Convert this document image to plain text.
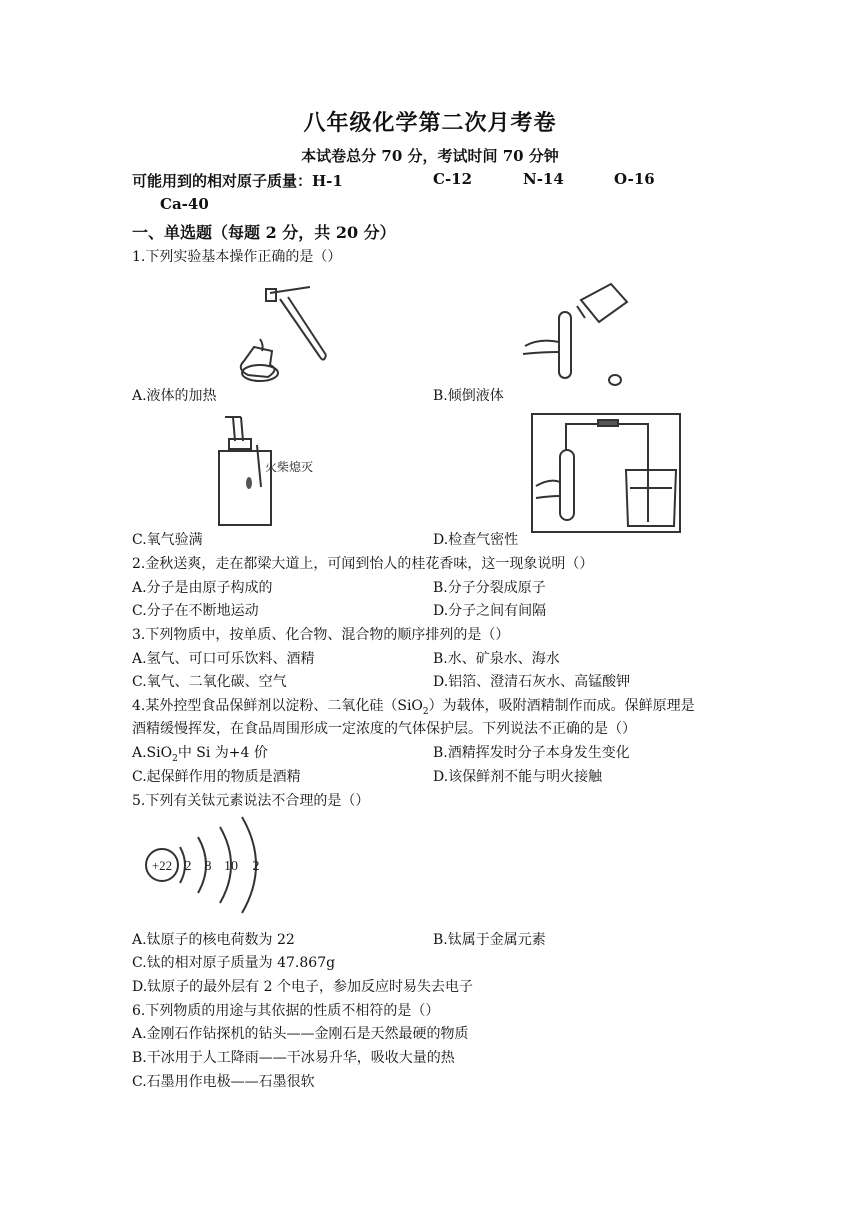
八年级化学第二次月考卷
本试卷总分 70 分，考试时间 70 分钟
可能用到的相对原子质量：H-1	C-12	N-14	O-16
Ca-40
一、单选题（每题 2 分，共 20 分）
1.下列实验基本操作正确的是（）
A.液体的加热	B.倾倒液体
火柴熄灭
C.氧气验满	D.检查气密性
2.金秋送爽，走在都梁大道上，可闻到怡人的桂花香味，这一现象说明（）
A.分子是由原子构成的	B.分子分裂成原子
C.分子在不断地运动	D.分子之间有间隔
3.下列物质中，按单质、化合物、混合物的顺序排列的是（）
A.氢气、可口可乐饮料、酒精	B.水、矿泉水、海水
C.氧气、二氧化碳、空气	D.铝箔、澄清石灰水、高锰酸钾
4.某外控型食品保鲜剂以淀粉、二氧化硅（SiO$_2$）为载体，吸附酒精制作而成。保鲜原理是
酒精缓慢挥发，在食品周围形成一定浓度的气体保护层。下列说法不正确的是（）
A.SiO$_2$中 Si 为+4 价	B.酒精挥发时分子本身发生变化
C.起保鲜作用的物质是酒精	D.该保鲜剂不能与明火接触
5.下列有关钛元素说法不合理的是（）
+22 2 8 10 2
A.钛原子的核电荷数为 22	B.钛属于金属元素
C.钛的相对原子质量为 47.867g
D.钛原子的最外层有 2 个电子，参加反应时易失去电子
6.下列物质的用途与其依据的性质不相符的是（）
A.金刚石作钻探机的钻头——金刚石是天然最硬的物质
B.干冰用于人工降雨——干冰易升华，吸收大量的热
C.石墨用作电极——石墨很软
